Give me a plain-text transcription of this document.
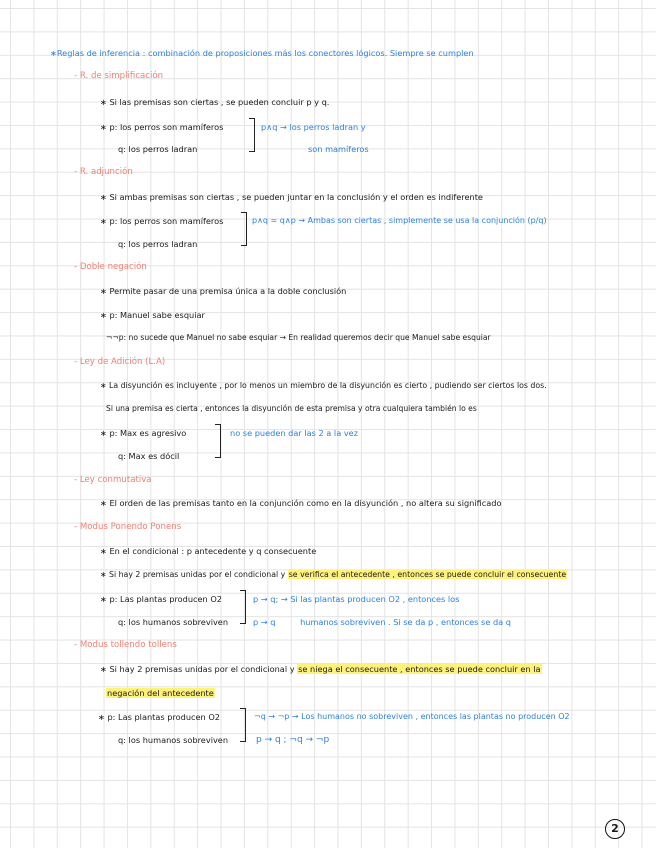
∗Reglas de inferencia : combinación de proposiciones más los conectores lógicos. Siempre se cumplen
- R. de simplificación
∗ Si las premisas son ciertas , se pueden concluir p y q.
∗ p: los perros son mamíferos
q: los perros ladran
p∧q → los perros ladran y
son mamíferos
- R. adjunción
∗ Si ambas premisas son ciertas , se pueden juntar en la conclusión y el orden es indiferente
∗ p: los perros son mamíferos
q: los perros ladran
p∧q = q∧p → Ambas son ciertas , simplemente se usa la conjunción (p/q)
- Doble negación
∗ Permite pasar de una premisa única a la doble conclusión
∗ p: Manuel sabe esquiar
¬¬p: no sucede que Manuel no sabe esquiar → En realidad queremos decir que Manuel sabe esquiar
- Ley de Adición (L.A)
∗ La disyunción es incluyente , por lo menos un miembro de la disyunción es cierto , pudiendo ser ciertos los dos.
Si una premisa es cierta , entonces la disyunción de esta premisa y otra cualquiera también lo es
∗ p: Max es agresivo
q: Max es dócil
no se pueden dar las 2 a la vez
- Ley conmutativa
∗ El orden de las premisas tanto en la conjunción como en la disyunción , no altera su significado
- Modus Ponendo Ponens
∗ En el condicional : p antecedente y q consecuente
∗ Si hay 2 premisas unidas por el condicional y se verifica el antecedente , entonces se puede concluir el consecuente
∗ p: Las plantas producen O2
q: los humanos sobreviven
p → q; → Si las plantas producen O2 , entonces los
p → q	humanos sobreviven . Si se da p , entonces se da q
- Modus tollendo tollens
∗ Si hay 2 premisas unidas por el condicional y se niega el consecuente , entonces se puede concluir en la
negación del antecedente
∗ p: Las plantas producen O2
q: los humanos sobreviven
¬q → ¬p → Los humanos no sobreviven , entonces las plantas no producen O2
p → q ; ¬q → ¬p
2
